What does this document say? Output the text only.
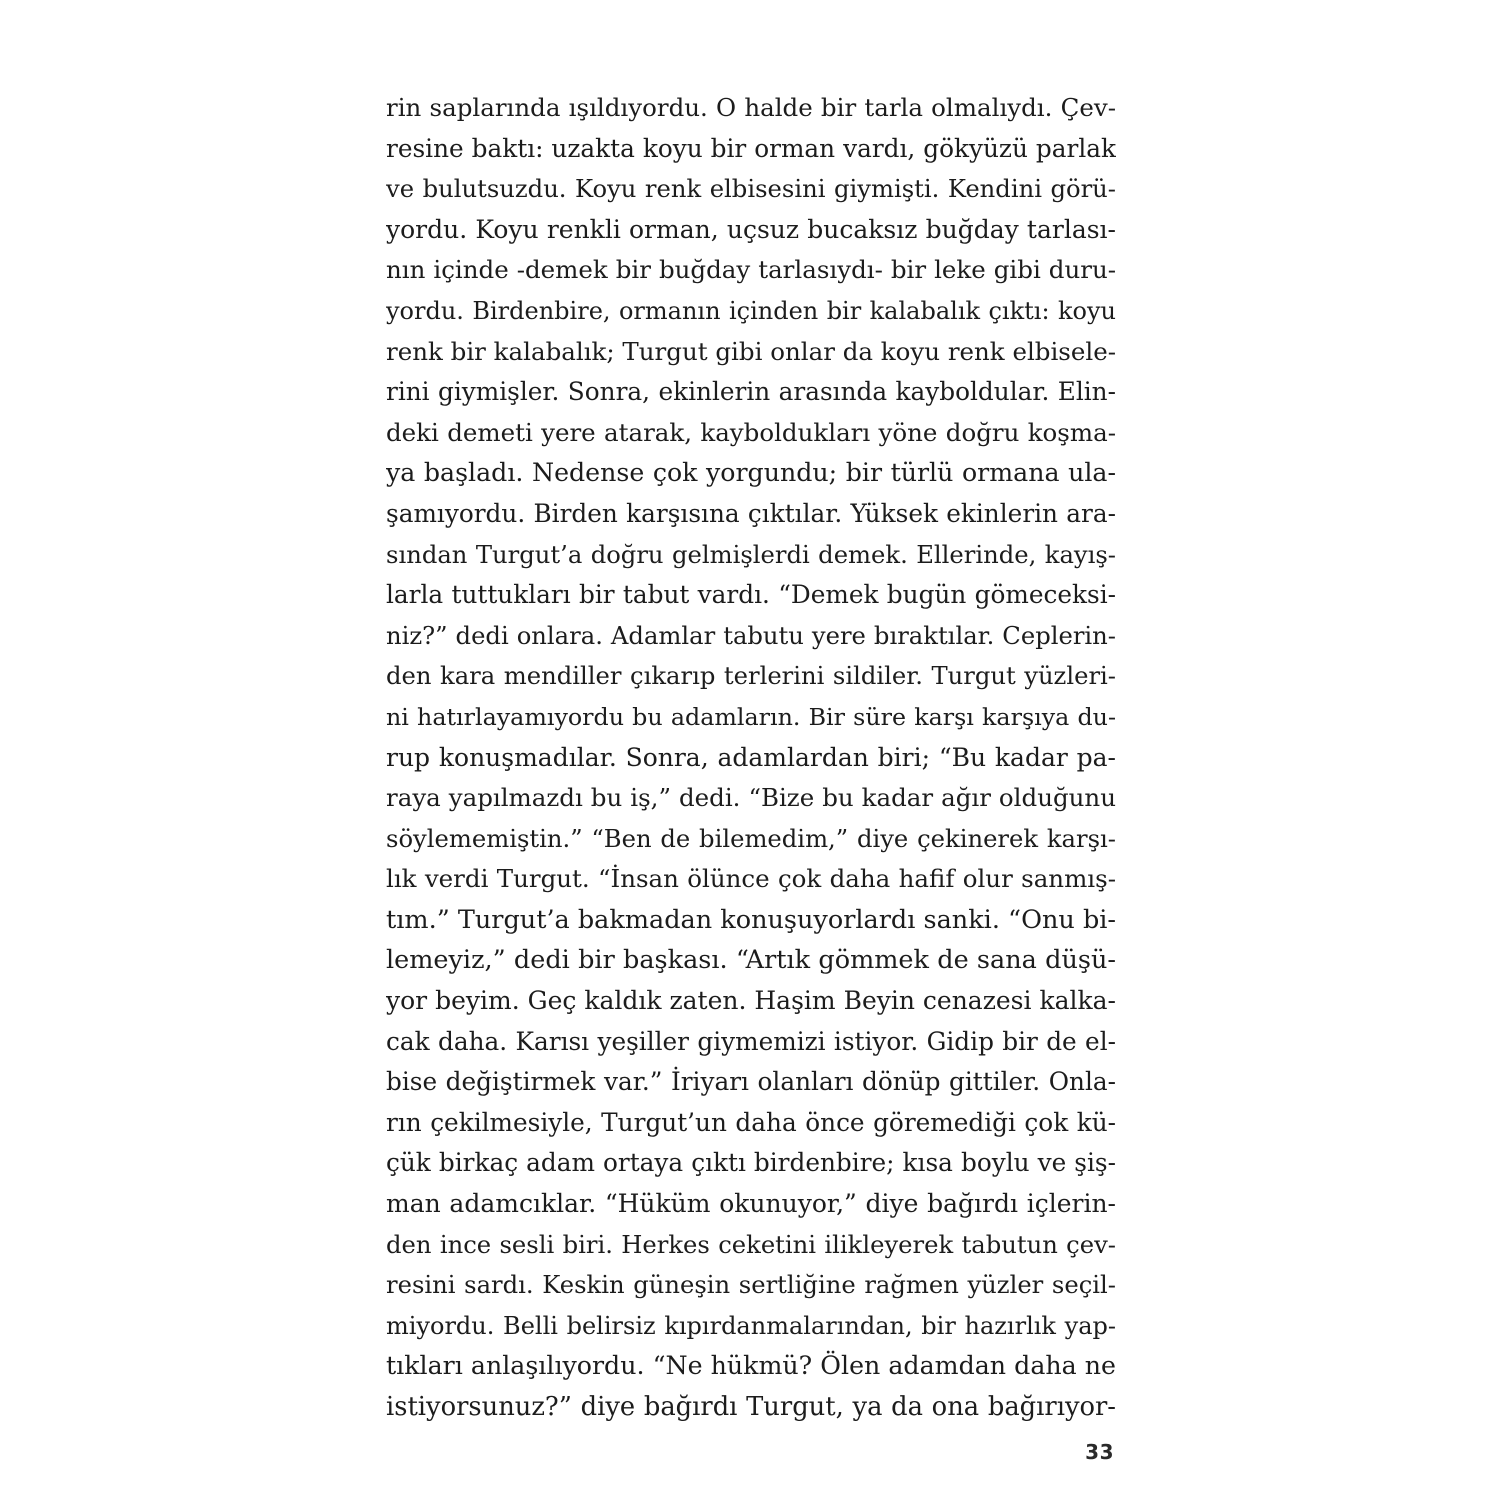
rin saplarında ışıldıyordu. O halde bir tarla olmalıydı. Çev-
resine baktı: uzakta koyu bir orman vardı, gökyüzü parlak
ve bulutsuzdu. Koyu renk elbisesini giymişti. Kendini görü-
yordu. Koyu renkli orman, uçsuz bucaksız buğday tarlası-
nın içinde -demek bir buğday tarlasıydı- bir leke gibi duru-
yordu. Birdenbire, ormanın içinden bir kalabalık çıktı: koyu
renk bir kalabalık; Turgut gibi onlar da koyu renk elbisele-
rini giymişler. Sonra, ekinlerin arasında kayboldular. Elin-
deki demeti yere atarak, kayboldukları yöne doğru koşma-
ya başladı. Nedense çok yorgundu; bir türlü ormana ula-
şamıyordu. Birden karşısına çıktılar. Yüksek ekinlerin ara-
sından Turgut’a doğru gelmişlerdi demek. Ellerinde, kayış-
larla tuttukları bir tabut vardı. “Demek bugün gömeceksi-
niz?” dedi onlara. Adamlar tabutu yere bıraktılar. Ceplerin-
den kara mendiller çıkarıp terlerini sildiler. Turgut yüzleri-
ni hatırlayamıyordu bu adamların. Bir süre karşı karşıya du-
rup konuşmadılar. Sonra, adamlardan biri; “Bu kadar pa-
raya yapılmazdı bu iş,” dedi. “Bize bu kadar ağır olduğunu
söylememiştin.” “Ben de bilemedim,” diye çekinerek karşı-
lık verdi Turgut. “İnsan ölünce çok daha hafif olur sanmış-
tım.” Turgut’a bakmadan konuşuyorlardı sanki. “Onu bi-
lemeyiz,” dedi bir başkası. “Artık gömmek de sana düşü-
yor beyim. Geç kaldık zaten. Haşim Beyin cenazesi kalka-
cak daha. Karısı yeşiller giymemizi istiyor. Gidip bir de el-
bise değiştirmek var.” İriyarı olanları dönüp gittiler. Onla-
rın çekilmesiyle, Turgut’un daha önce göremediği çok kü-
çük birkaç adam ortaya çıktı birdenbire; kısa boylu ve şiş-
man adamcıklar. “Hüküm okunuyor,” diye bağırdı içlerin-
den ince sesli biri. Herkes ceketini ilikleyerek tabutun çev-
resini sardı. Keskin güneşin sertliğine rağmen yüzler seçil-
miyordu. Belli belirsiz kıpırdanmalarından, bir hazırlık yap-
tıkları anlaşılıyordu. “Ne hükmü? Ölen adamdan daha ne
istiyorsunuz?” diye bağırdı Turgut, ya da ona bağırıyor-
33
